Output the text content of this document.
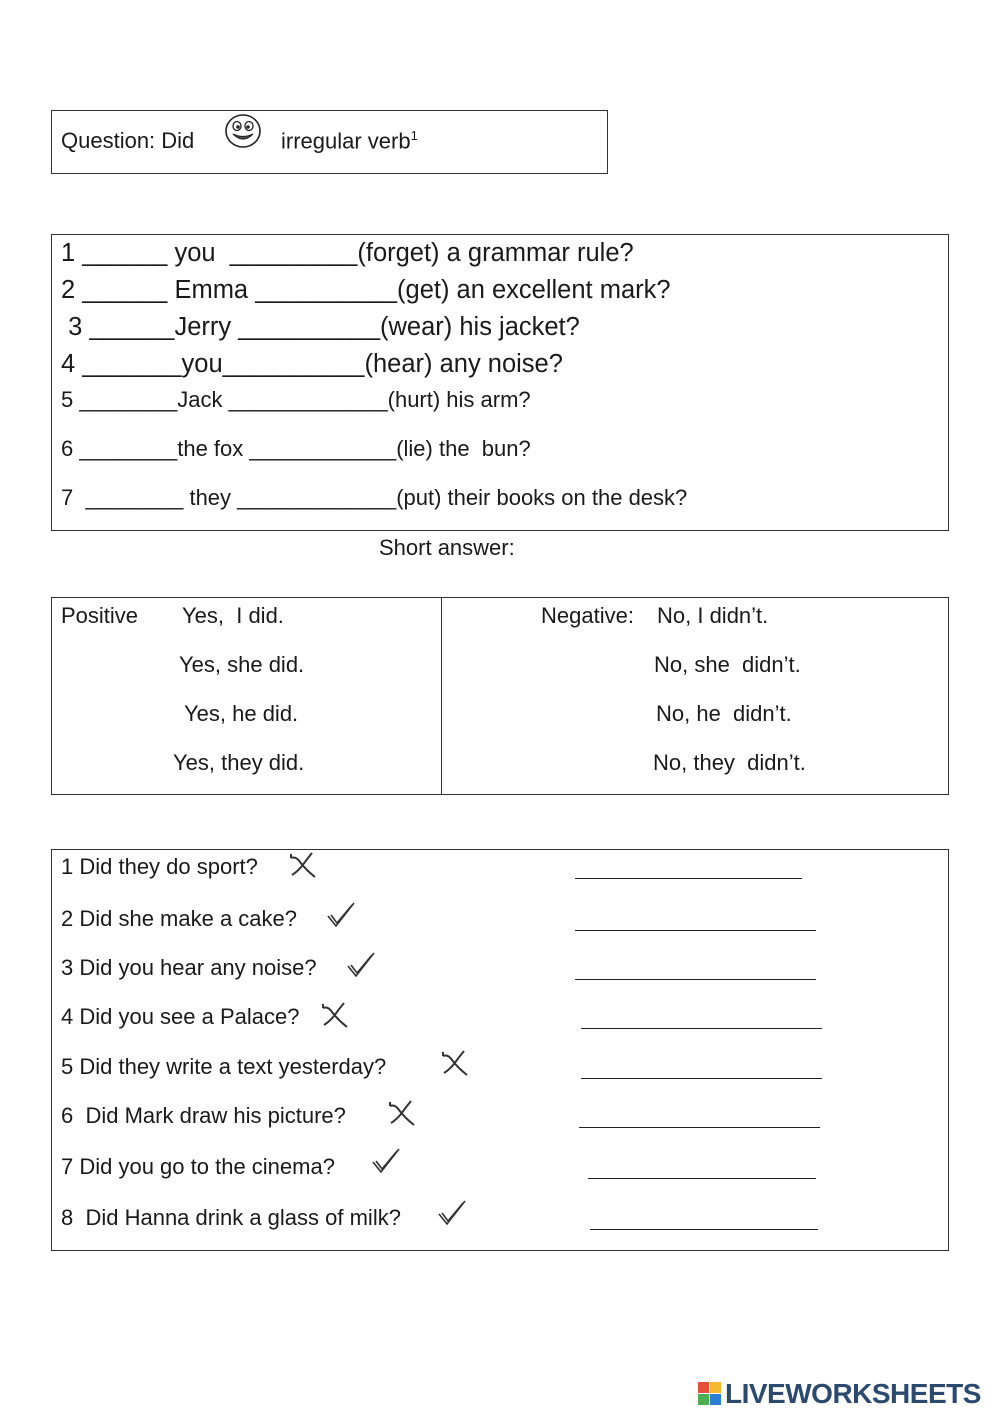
Question: Did	irregular verb$^1$
1 ______ you  _________(forget) a grammar rule?
2 ______ Emma __________(get) an excellent mark?
3 ______Jerry __________(wear) his jacket?
4 _______you__________(hear) any noise?
5 ________Jack _____________(hurt) his arm?
6 ________the fox ____________(lie) the  bun?
7  ________ they _____________(put) their books on the desk?
Short answer:
Positive Yes,  I did.
Yes, she did.
Yes, he did.
Yes, they did.
Negative: No, I didn’t.
No, she  didn’t.
No, he  didn’t.
No, they  didn’t.
1 Did they do sport?
2 Did she make a cake?
3 Did you hear any noise?
4 Did you see a Palace?
5 Did they write a text yesterday?
6  Did Mark draw his picture?
7 Did you go to the cinema?
8  Did Hanna drink a glass of milk?
LIVEWORKSHEETS
